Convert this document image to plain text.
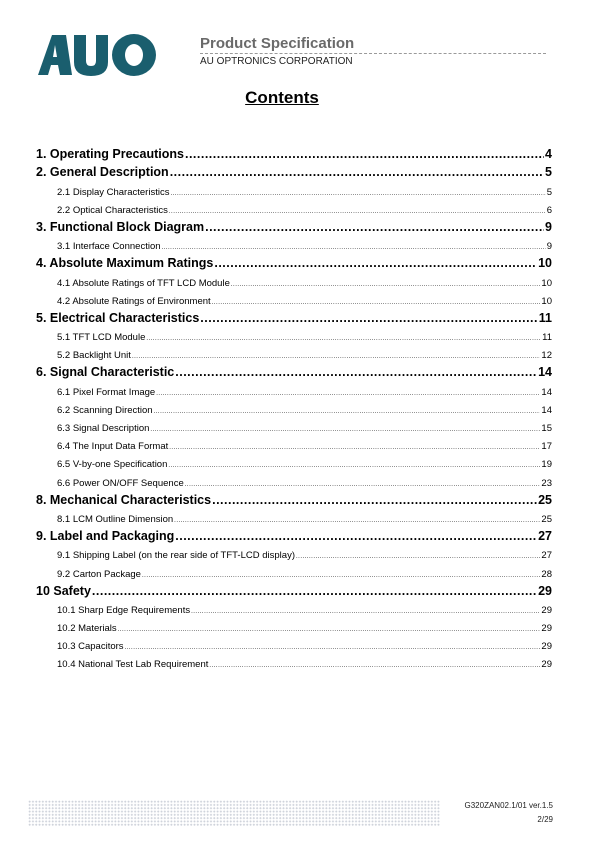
Product Specification
AU OPTRONICS CORPORATION
Contents
1. Operating Precautions .....	4
2. General Description .....	5
2.1 Display Characteristics .....	5
2.2 Optical Characteristics .....	6
3. Functional Block Diagram .....	9
3.1 Interface Connection .....	9
4. Absolute Maximum Ratings .....	10
4.1 Absolute Ratings of TFT LCD Module .....	10
4.2 Absolute Ratings of Environment .....	10
5. Electrical Characteristics .....	11
5.1 TFT LCD Module .....	11
5.2 Backlight Unit .....	12
6. Signal Characteristic .....	14
6.1 Pixel Format Image .....	14
6.2 Scanning Direction .....	14
6.3 Signal Description .....	15
6.4 The Input Data Format .....	17
6.5 V-by-one Specification .....	19
6.6 Power ON/OFF Sequence .....	23
8. Mechanical Characteristics .....	25
8.1 LCM Outline Dimension .....	25
9. Label and Packaging .....	27
9.1 Shipping Label (on the rear side of TFT-LCD display) .....	27
9.2 Carton Package .....	28
10 Safety .....	29
10.1 Sharp Edge Requirements .....	29
10.2 Materials .....	29
10.3 Capacitors .....	29
10.4 National Test Lab Requirement .....	29
G320ZAN02.1/01 ver.1.5
2/29
